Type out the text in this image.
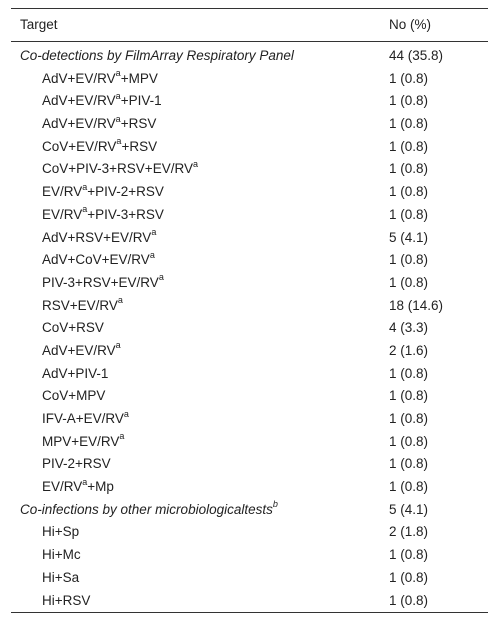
Target	No (%)
Co-detections by FilmArray Respiratory Panel	44 (35.8)
$AdV+EV/RV^a+MPV$	1 (0.8)
$AdV+EV/RV^a+PIV-1$	1 (0.8)
$AdV+EV/RV^a+RSV$	1 (0.8)
$CoV+EV/RV^a+RSV$	1 (0.8)
$CoV+PIV-3+RSV+EV/RV^a$	1 (0.8)
$EV/RV^a+PIV-2+RSV$	1 (0.8)
$EV/RV^a+PIV-3+RSV$	1 (0.8)
$AdV+RSV+EV/RV^a$	5 (4.1)
$AdV+CoV+EV/RV^a$	1 (0.8)
PIV-$3+RSV+EV/RV^a$	1 (0.8)
$RSV+EV/RV^a$	18 (14.6)
CoV+RSV	4 (3.3)
$AdV+EV/RV^a$	2 (1.6)
AdV+PIV-1	1 (0.8)
CoV+MPV	1 (0.8)
IFV-$A+EV/RV^a$	1 (0.8)
$MPV+EV/RV^a$	1 (0.8)
PIV-2+RSV	1 (0.8)
$EV/RV^a+Mp$	1 (0.8)
Co-infections by other microbiologicaltests$^b$	5 (4.1)
Hi+Sp	2 (1.8)
Hi+Mc	1 (0.8)
Hi+Sa	1 (0.8)
Hi+RSV	1 (0.8)
